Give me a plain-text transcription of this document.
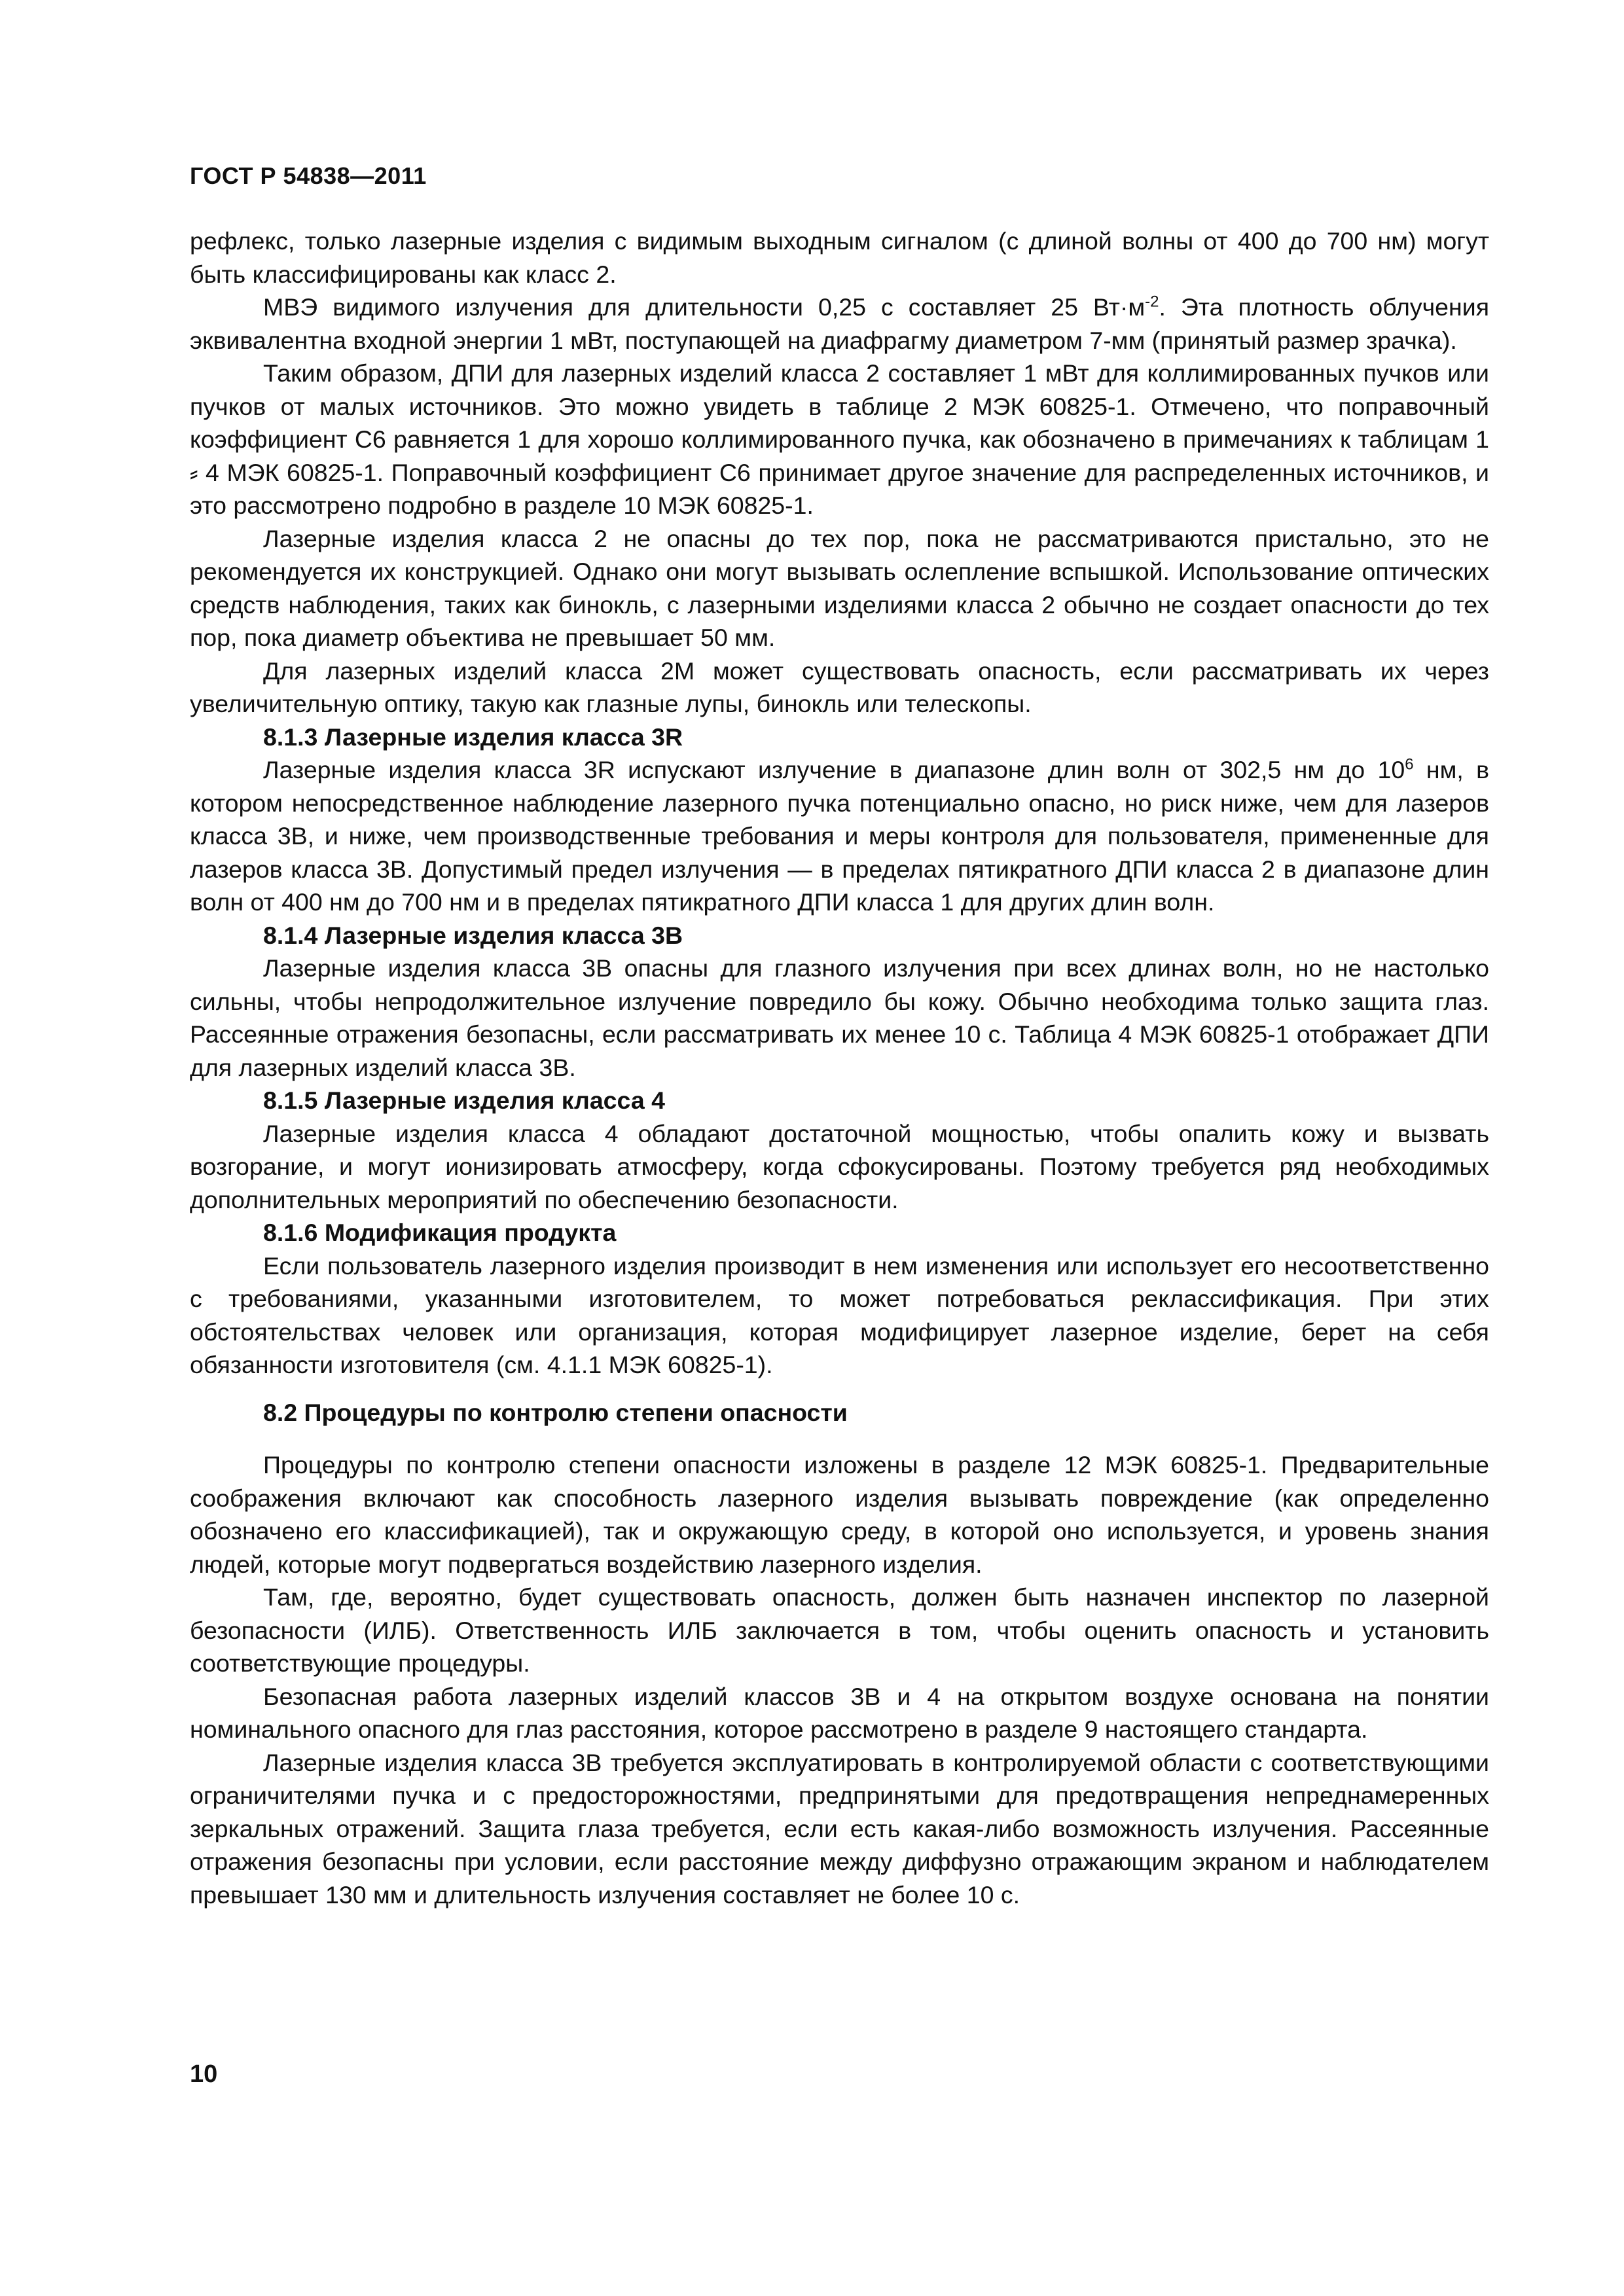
ГОСТ Р 54838—2011

рефлекс, только лазерные изделия с видимым выходным сигналом (с длиной волны от 400 до 700 нм) могут быть классифицированы как класс 2.

МВЭ видимого излучения для длительности 0,25 с составляет 25 $Вт\cdot м^{-2}$. Эта плотность облучения эквивалентна входной энергии 1 мВт, поступающей на диафрагму диаметром 7-мм (принятый размер зрачка).

Таким образом, ДПИ для лазерных изделий класса 2 составляет 1 мВт для коллимированных пучков или пучков от малых источников. Это можно увидеть в таблице 2 МЭК 60825-1. Отмечено, что поправочный коэффициент С6 равняется 1 для хорошо коллимированного пучка, как обозначено в примечаниях к таблицам 1 ⸗ 4 МЭК 60825-1. Поправочный коэффициент С6 принимает другое значение для распределенных источников, и это рассмотрено подробно в разделе 10 МЭК 60825-1.

Лазерные изделия класса 2 не опасны до тех пор, пока не рассматриваются пристально, это не рекомендуется их конструкцией. Однако они могут вызывать ослепление вспышкой. Использование оптических средств наблюдения, таких как бинокль, с лазерными изделиями класса 2 обычно не создает опасности до тех пор, пока диаметр объектива не превышает 50 мм.

Для лазерных изделий класса 2М может существовать опасность, если рассматривать их через увеличительную оптику, такую как глазные лупы, бинокль или телескопы.

8.1.3 Лазерные изделия класса 3R

Лазерные изделия класса 3R испускают излучение в диапазоне длин волн от 302,5 нм до $10^6$ нм, в котором непосредственное наблюдение лазерного пучка потенциально опасно, но риск ниже, чем для лазеров класса 3В, и ниже, чем производственные требования и меры контроля для пользователя, примененные для лазеров класса 3В. Допустимый предел излучения — в пределах пятикратного ДПИ класса 2 в диапазоне длин волн от 400 нм до 700 нм и в пределах пятикратного ДПИ класса 1 для других длин волн.

8.1.4 Лазерные изделия класса 3В

Лазерные изделия класса 3В опасны для глазного излучения при всех длинах волн, но не настолько сильны, чтобы непродолжительное излучение повредило бы кожу. Обычно необходима только защита глаз. Рассеянные отражения безопасны, если рассматривать их менее 10 с. Таблица 4 МЭК 60825-1 отображает ДПИ для лазерных изделий класса 3В.

8.1.5 Лазерные изделия класса 4

Лазерные изделия класса 4 обладают достаточной мощностью, чтобы опалить кожу и вызвать возгорание, и могут ионизировать атмосферу, когда сфокусированы. Поэтому требуется ряд необходимых дополнительных мероприятий по обеспечению безопасности.

8.1.6 Модификация продукта

Если пользователь лазерного изделия производит в нем изменения или использует его несоответственно с требованиями, указанными изготовителем, то может потребоваться реклассификация. При этих обстоятельствах человек или организация, которая модифицирует лазерное изделие, берет на себя обязанности изготовителя (см. 4.1.1 МЭК 60825-1).

8.2 Процедуры по контролю степени опасности

Процедуры по контролю степени опасности изложены в разделе 12 МЭК 60825-1. Предварительные соображения включают как способность лазерного изделия вызывать повреждение (как определенно обозначено его классификацией), так и окружающую среду, в которой оно используется, и уровень знания людей, которые могут подвергаться воздействию лазерного изделия.

Там, где, вероятно, будет существовать опасность, должен быть назначен инспектор по лазерной безопасности (ИЛБ). Ответственность ИЛБ заключается в том, чтобы оценить опасность и установить соответствующие процедуры.

Безопасная работа лазерных изделий классов 3В и 4 на открытом воздухе основана на понятии номинального опасного для глаз расстояния, которое рассмотрено в разделе 9 настоящего стандарта.

Лазерные изделия класса 3В требуется эксплуатировать в контролируемой области с соответствующими ограничителями пучка и с предосторожностями, предпринятыми для предотвращения непреднамеренных зеркальных отражений. Защита глаза требуется, если есть какая-либо возможность излучения. Рассеянные отражения безопасны при условии, если расстояние между диффузно отражающим экраном и наблюдателем превышает 130 мм и длительность излучения составляет не более 10 с.

10
